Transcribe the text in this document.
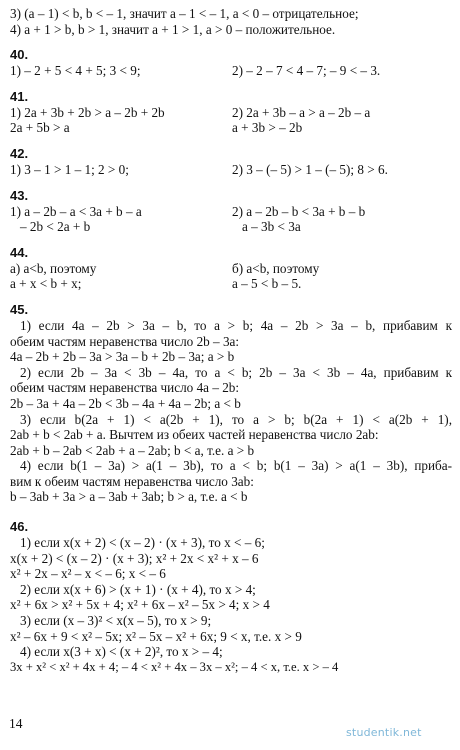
3) (a – 1) < b, b < – 1, значит a – 1 < – 1, a < 0 – отрицательное;
4) a + 1 > b, b > 1, значит a + 1 > 1, a > 0 – положительное.
40.
1) – 2 + 5 < 4 + 5; 3 < 9;	2) – 2 – 7 < 4 – 7; – 9 < – 3.
41.
1) 2a + 3b + 2b > a – 2b + 2b	2) 2a + 3b – a > a – 2b – a
2a + 5b > a	a + 3b > – 2b
42.
1) 3 – 1 > 1 – 1; 2 > 0;	2) 3 – (– 5) > 1 – (– 5); 8 > 6.
43.
1) a – 2b – a < 3a + b – a	2) a – 2b – b < 3a + b – b
– 2b < 2a + b	a – 3b < 3a
44.
а) a<b, поэтому	б) a<b, поэтому
a + x < b + x;	a – 5 < b – 5.
45.
1) если 4a – 2b > 3a – b, то a > b; 4a – 2b > 3a – b, прибавим к
обеим частям неравенства число 2b – 3a:
4a – 2b + 2b – 3a > 3a – b + 2b – 3a; a > b
2) если 2b – 3a < 3b – 4a, то a < b; 2b – 3a < 3b – 4a, прибавим к
обеим частям неравенства число 4a – 2b:
2b – 3a + 4a – 2b < 3b – 4a + 4a – 2b; a < b
3) если b(2a + 1) < a(2b + 1), то a > b; b(2a + 1) < a(2b + 1),
2ab + b < 2ab + a. Вычтем из обеих частей неравенства число 2ab:
2ab + b – 2ab < 2ab + a – 2ab; b < a, т.е. a > b
4) если b(1 – 3a) > a(1 – 3b), то a < b; b(1 – 3a) > a(1 – 3b), приба-
вим к обеим частям неравенства число 3ab:
b – 3ab + 3a > a – 3ab + 3ab; b > a, т.е. a < b
46.
1) если x(x + 2) < (x – 2) · (x + 3), то x < – 6;
x(x + 2) < (x – 2) · (x + 3); x² + 2x < x² + x – 6
x² + 2x – x² – x < – 6; x < – 6
2) если x(x + 6) > (x + 1) · (x + 4), то x > 4;
x² + 6x > x² + 5x + 4; x² + 6x – x² – 5x > 4; x > 4
3) если (x – 3)² < x(x – 5), то x > 9;
x² – 6x + 9 < x² – 5x; x² – 5x – x² + 6x; 9 < x, т.е. x > 9
4) если x(3 + x) < (x + 2)², то x > – 4;
3x + x² < x² + 4x + 4; – 4 < x² + 4x – 3x – x²; – 4 < x, т.е. x > – 4
14
studentik.net
